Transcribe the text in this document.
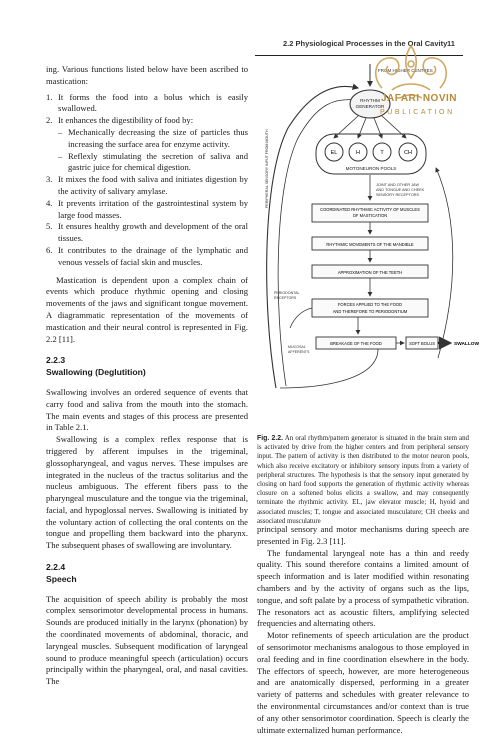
2.2 Physiological Processes in the Oral Cavity 11

ing. Various functions listed below have been ascribed to mastication:

1. It forms the food into a bolus which is easily swallowed.
2. It enhances the digestibility of food by:
– Mechanically decreasing the size of particles thus increasing the surface area for enzyme activity.
– Reflexly stimulating the secretion of saliva and gastric juice for chemical digestion.
3. It mixes the food with saliva and initiates digestion by the activity of salivary amylase.
4. It prevents irritation of the gastrointestinal system by large food masses.
5. It ensures healthy growth and development of the oral tissues.
6. It contributes to the drainage of the lymphatic and venous vessels of facial skin and muscles.

Mastication is dependent upon a complex chain of events which produce rhythmic opening and closing movements of the jaws and significant tongue movement. A diagrammatic representation of the movements of mastication and their neural control is represented in Fig. 2.2 [11].

2.2.3
Swallowing (Deglutition)

Swallowing involves an ordered sequence of events that carry food and saliva from the mouth into the stomach. The main events and stages of this process are presented in Table 2.1.

Swallowing is a complex reflex response that is triggered by afferent impulses in the trigeminal, glossopharyngeal, and vagus nerves. These impulses are integrated in the nucleus of the tractus solitarius and the nucleus ambiguous. The efferent fibers pass to the pharyngeal musculature and the tongue via the trigeminal, facial, and hypoglossal nerves. Swallowing is initiated by the voluntary action of collecting the oral contents on the tongue and propelling them backward into the pharynx. The subsequent phases of swallowing are involuntary.

2.2.4
Speech

The acquisition of speech ability is probably the most complex sensorimotor developmental process in humans. Sounds are produced initially in the larynx (phonation) by the coordinated movements of abdominal, thoracic, and laryngeal muscles. Subsequent modification of laryngeal sound to produce meaningful speech (articulation) occurs principally within the pharyngeal, oral, and nasal cavities. The

FROM HIGHER CENTRES
RHYTHM
GENERATOR
EL	H	T	CH
MOTONEURON POOLS
JOINT AND OTHER JAW
AND TONGUE AND CHEEK
SENSORY RECEPTORS
COORDINATED RHYTHMIC ACTIVITY OF MUSCLES
OF MASTICATION
RHYTHMIC MOVEMENTS OF THE MANDIBLE
APPROXIMATION OF THE TEETH
PERIODONTAL
RECEPTORS
FORCES APPLIED TO THE FOOD
AND THEREFORE TO PERIODONTIUM
MUCOSAL
AFFERENTS
BREAKAGE OF THE FOOD	SOFT BOLUS	SWALLOW
PERIPHERAL SENSORY INPUT FROM MOUTH
JAFARI NOVIN
PUBLICATION
Fig. 2.2. An oral rhythm/pattern generator is situated in the brain stem and is activated by drive from the higher centers and from peripheral sensory input. The pattern of activity is then distributed to the motor neuron pools, which also receive excitatory or inhibitory sensory inputs from a variety of peripheral structures. The hypothesis is that the sensory input generated by closing on hard food supports the generation of rhythmic activity whereas closure on a softened bolus elicits a swallow, and may consequently terminate the rhythmic activity. EL, jaw elevator muscle; H, hyoid and associated muscles; T, tongue and associated musculature; CH cheeks and associated musculature

principal sensory and motor mechanisms during speech are presented in Fig. 2.3 [11].

The fundamental laryngeal note has a thin and reedy quality. This sound therefore contains a limited amount of speech information and is later modified within resonating chambers and by the activity of organs such as the lips, tongue, and soft palate by a process of sympathetic vibration. The resonators act as acoustic filters, amplifying selected frequencies and alternating others.

Motor refinements of speech articulation are the product of sensorimotor mechanisms analogous to those employed in oral feeding and in fine coordination elsewhere in the body. The effectors of speech, however, are more heterogeneous and are anatomically dispersed, performing in a greater variety of patterns and schedules with greater relevance to the environmental circumstances and/or context than is true of any other sensorimotor coordination. Speech is clearly the ultimate externalized human performance.
